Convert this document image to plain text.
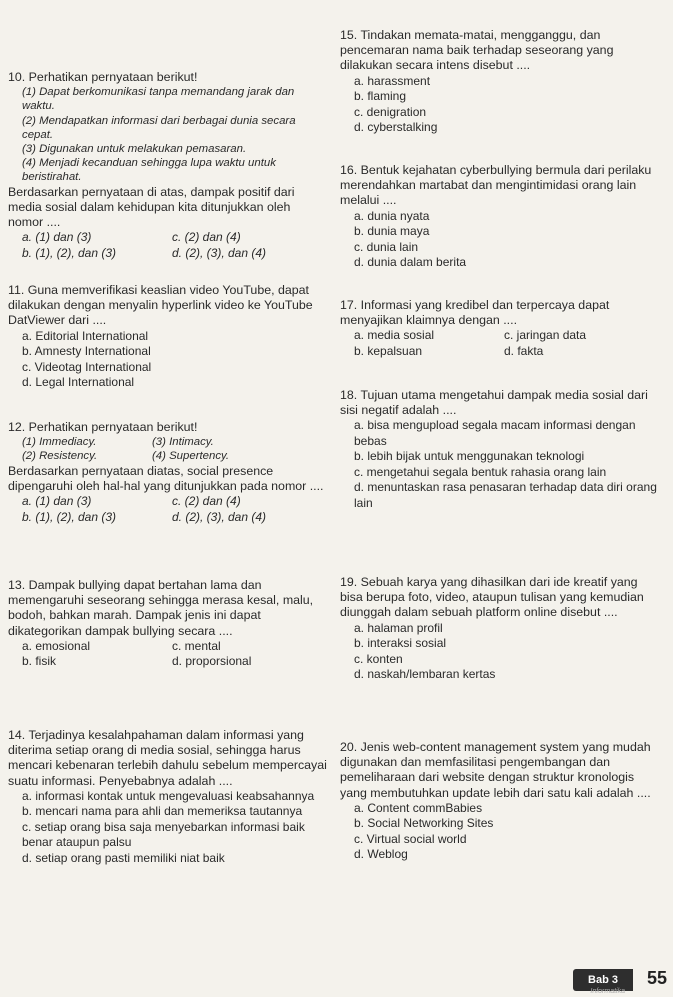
10. Perhatikan pernyataan berikut!

(1) Dapat berkomunikasi tanpa memandang jarak dan waktu.

(2) Mendapatkan informasi dari berbagai dunia secara cepat.

(3) Digunakan untuk melakukan pemasaran.

(4) Menjadi kecanduan sehingga lupa waktu untuk beristirahat.

Berdasarkan pernyataan di atas, dampak positif dari media sosial dalam kehidupan kita ditunjukkan oleh nomor ....

a. (1) dan (3)	c. (2) dan (4)
b. (1), (2), dan (3)	d. (2), (3), dan (4)

11. Guna memverifikasi keaslian video YouTube, dapat dilakukan dengan menyalin hyperlink video ke YouTube DatViewer dari ....

a. Editorial International
b. Amnesty International
c. Videotag International
d. Legal International

12. Perhatikan pernyataan berikut!

(1) Immediacy.	(3) Intimacy.
(2) Resistency.	(4) Supertency.

Berdasarkan pernyataan diatas, social presence dipengaruhi oleh hal-hal yang ditunjukkan pada nomor ....

a. (1) dan (3)	c. (2) dan (4)
b. (1), (2), dan (3)	d. (2), (3), dan (4)

13. Dampak bullying dapat bertahan lama dan memengaruhi seseorang sehingga merasa kesal, malu, bodoh, bahkan marah. Dampak jenis ini dapat dikategorikan dampak bullying secara ....

a. emosional	c. mental
b. fisik	d. proporsional

14. Terjadinya kesalahpahaman dalam informasi yang diterima setiap orang di media sosial, sehingga harus mencari kebenaran terlebih dahulu sebelum mempercayai suatu informasi. Penyebabnya adalah ....

a. informasi kontak untuk mengevaluasi keabsahannya
b. mencari nama para ahli dan memeriksa tautannya
c. setiap orang bisa saja menyebarkan informasi baik benar ataupun palsu
d. setiap orang pasti memiliki niat baik

15. Tindakan memata-matai, mengganggu, dan pencemaran nama baik terhadap seseorang yang dilakukan secara intens disebut ....

a. harassment
b. flaming
c. denigration
d. cyberstalking

16. Bentuk kejahatan cyberbullying bermula dari perilaku merendahkan martabat dan mengintimidasi orang lain melalui ....

a. dunia nyata
b. dunia maya
c. dunia lain
d. dunia dalam berita

17. Informasi yang kredibel dan terpercaya dapat menyajikan klaimnya dengan ....

a. media sosial	c. jaringan data
b. kepalsuan	d. fakta

18. Tujuan utama mengetahui dampak media sosial dari sisi negatif adalah ....

a. bisa mengupload segala macam informasi dengan bebas
b. lebih bijak untuk menggunakan teknologi
c. mengetahui segala bentuk rahasia orang lain
d. menuntaskan rasa penasaran terhadap data diri orang lain

19. Sebuah karya yang dihasilkan dari ide kreatif yang bisa berupa foto, video, ataupun tulisan yang kemudian diunggah dalam sebuah platform online disebut ....

a. halaman profil
b. interaksi sosial
c. konten
d. naskah/lembaran kertas

20. Jenis web-content management system yang mudah digunakan dan memfasilitasi pengembangan dan pemeliharaan dari website dengan struktur kronologis yang membutuhkan update lebih dari satu kali adalah ....

a. Content commBabies
b. Social Networking Sites
c. Virtual social world
d. Weblog
Bab 3	55
Informatika
